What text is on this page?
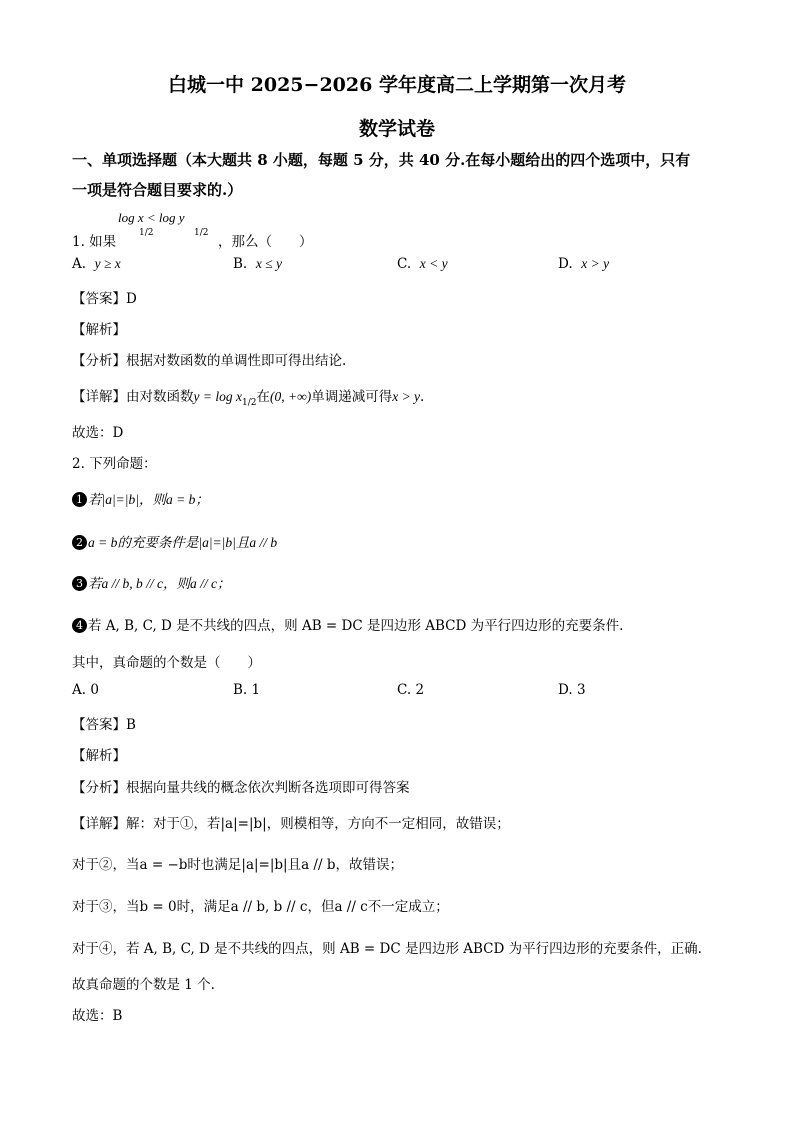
白城一中 2025−2026 学年度高二上学期第一次月考
数学试卷
一、单项选择题（本大题共 8 小题，每题 5 分，共 40 分.在每小题给出的四个选项中，只有
一项是符合题目要求的.）
log x < log y
1/2	1/2
1. 如果	，那么（　　）
A. y ≥ x	B. x ≤ y	C. x < y	D. x > y
【答案】D
【解析】
【分析】根据对数函数的单调性即可得出结论.
【详解】由对数函数$y = \log x_{1/2}$在(0, +∞)单调递减可得x > y.
故选：D
2. 下列命题：
1 若|a|=|b|，则a = b；
2 a = b的充要条件是|a|=|b|且a // b
3 若a // b, b // c，则a // c；
4 若 A, B, C, D 是不共线的四点，则 AB = DC 是四边形 ABCD 为平行四边形的充要条件.
其中，真命题的个数是（　　）
A. 0	B. 1	C. 2	D. 3
【答案】B
【解析】
【分析】根据向量共线的概念依次判断各选项即可得答案
【详解】解：对于①，若|a|=|b|，则模相等，方向不一定相同，故错误；
对于②，当a = −b时也满足|a|=|b|且a // b，故错误；
对于③，当b = 0时，满足a // b, b // c，但a // c不一定成立；
对于④，若 A, B, C, D 是不共线的四点，则 AB = DC 是四边形 ABCD 为平行四边形的充要条件，正确.
故真命题的个数是 1 个.
故选：B
